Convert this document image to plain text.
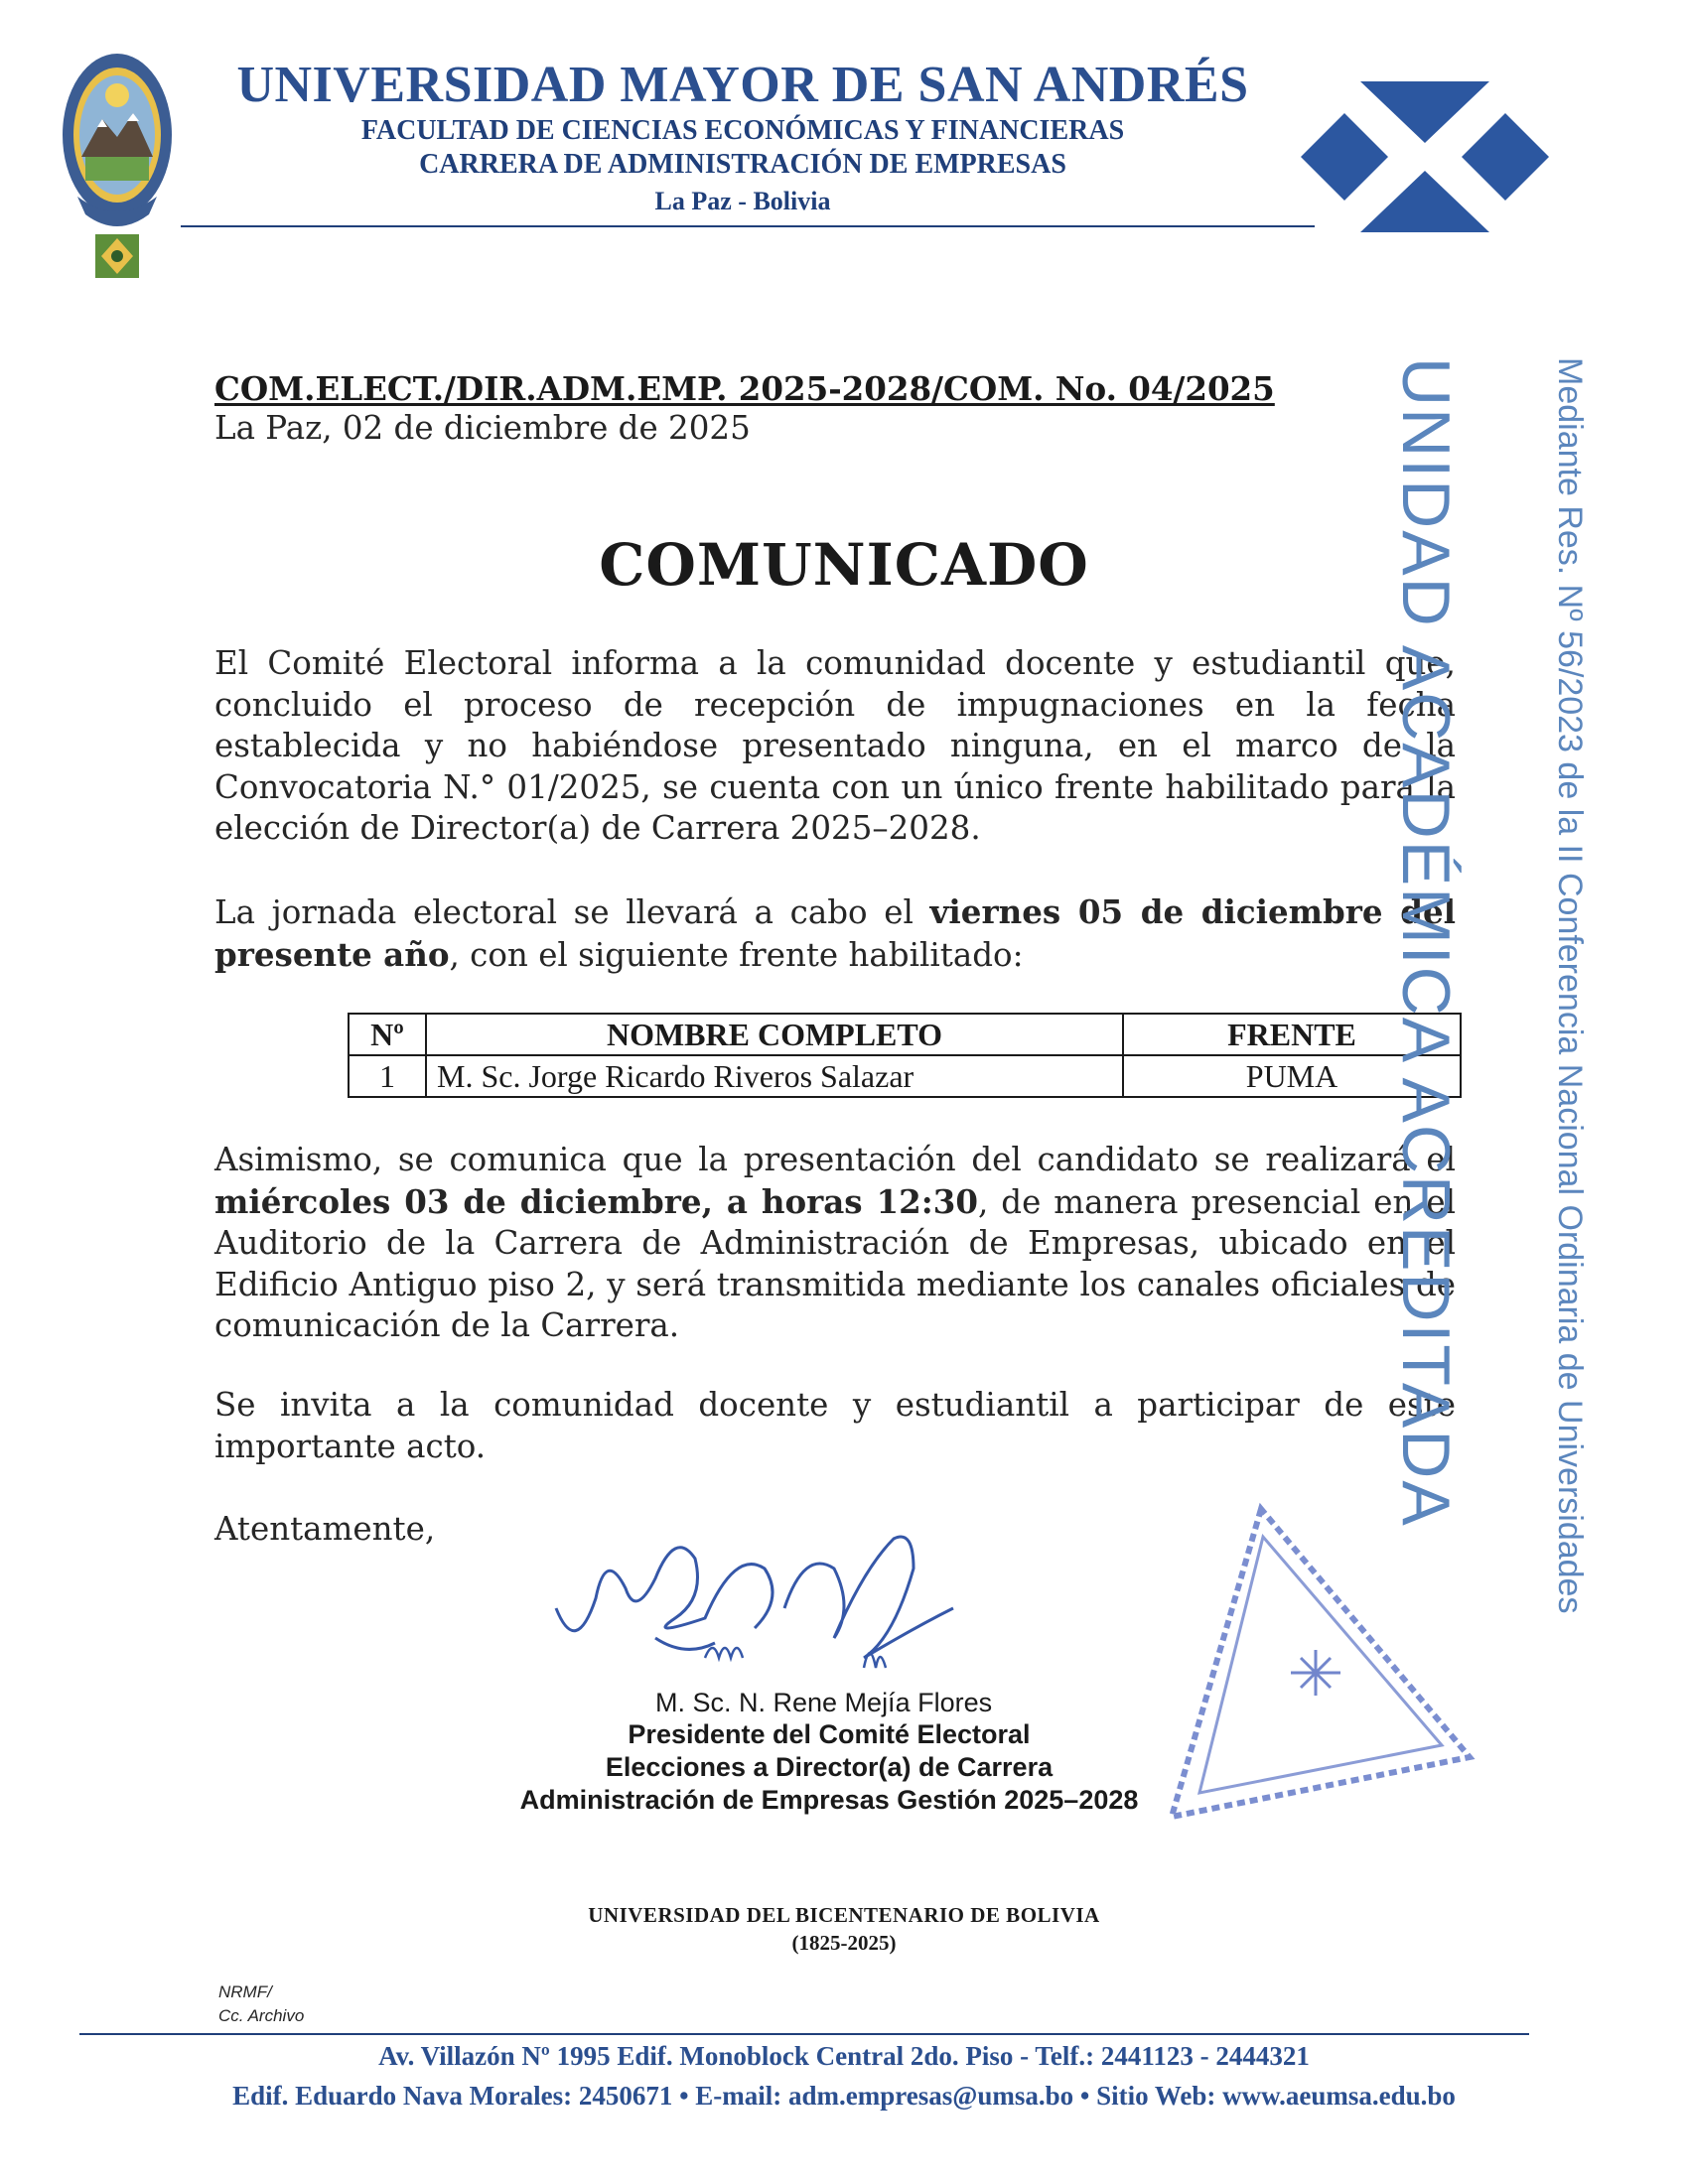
UNIVERSIDAD MAYOR DE SAN ANDRÉS
FACULTAD DE CIENCIAS ECONÓMICAS Y FINANCIERAS
CARRERA DE ADMINISTRACIÓN DE EMPRESAS
La Paz - Bolivia
COM.ELECT./DIR.ADM.EMP. 2025-2028/COM. No. 04/2025
La Paz, 02 de diciembre de 2025
COMUNICADO
El Comité Electoral informa a la comunidad docente y estudiantil que, concluido el proceso de recepción de impugnaciones en la fecha establecida y no habiéndose presentado ninguna, en el marco de la Convocatoria N.° 01/2025, se cuenta con un único frente habilitado para la elección de Director(a) de Carrera 2025–2028.
La jornada electoral se llevará a cabo el viernes 05 de diciembre del presente año, con el siguiente frente habilitado:
Nº	NOMBRE COMPLETO	FRENTE
1	M. Sc. Jorge Ricardo Riveros Salazar	PUMA
Asimismo, se comunica que la presentación del candidato se realizará el miércoles 03 de diciembre, a horas 12:30, de manera presencial en el Auditorio de la Carrera de Administración de Empresas, ubicado en el Edificio Antiguo piso 2, y será transmitida mediante los canales oficiales de comunicación de la Carrera.
Se invita a la comunidad docente y estudiantil a participar de este importante acto.
Atentamente,
M. Sc. N. Rene Mejía Flores
Presidente del Comité Electoral
Elecciones a Director(a) de Carrera
Administración de Empresas Gestión 2025–2028
UNIVERSIDAD DEL BICENTENARIO DE BOLIVIA
(1825-2025)
NRMF/
Cc. Archivo
Av. Villazón Nº 1995 Edif. Monoblock Central 2do. Piso - Telf.: 2441123 - 2444321
Edif. Eduardo Nava Morales: 2450671 • E-mail: adm.empresas@umsa.bo • Sitio Web: www.aeumsa.edu.bo
UNIDAD ACADÉMICA ACREDITADA	Mediante Res. Nº 56/2023 de la II Conferencia Nacional Ordinaria de Universidades
